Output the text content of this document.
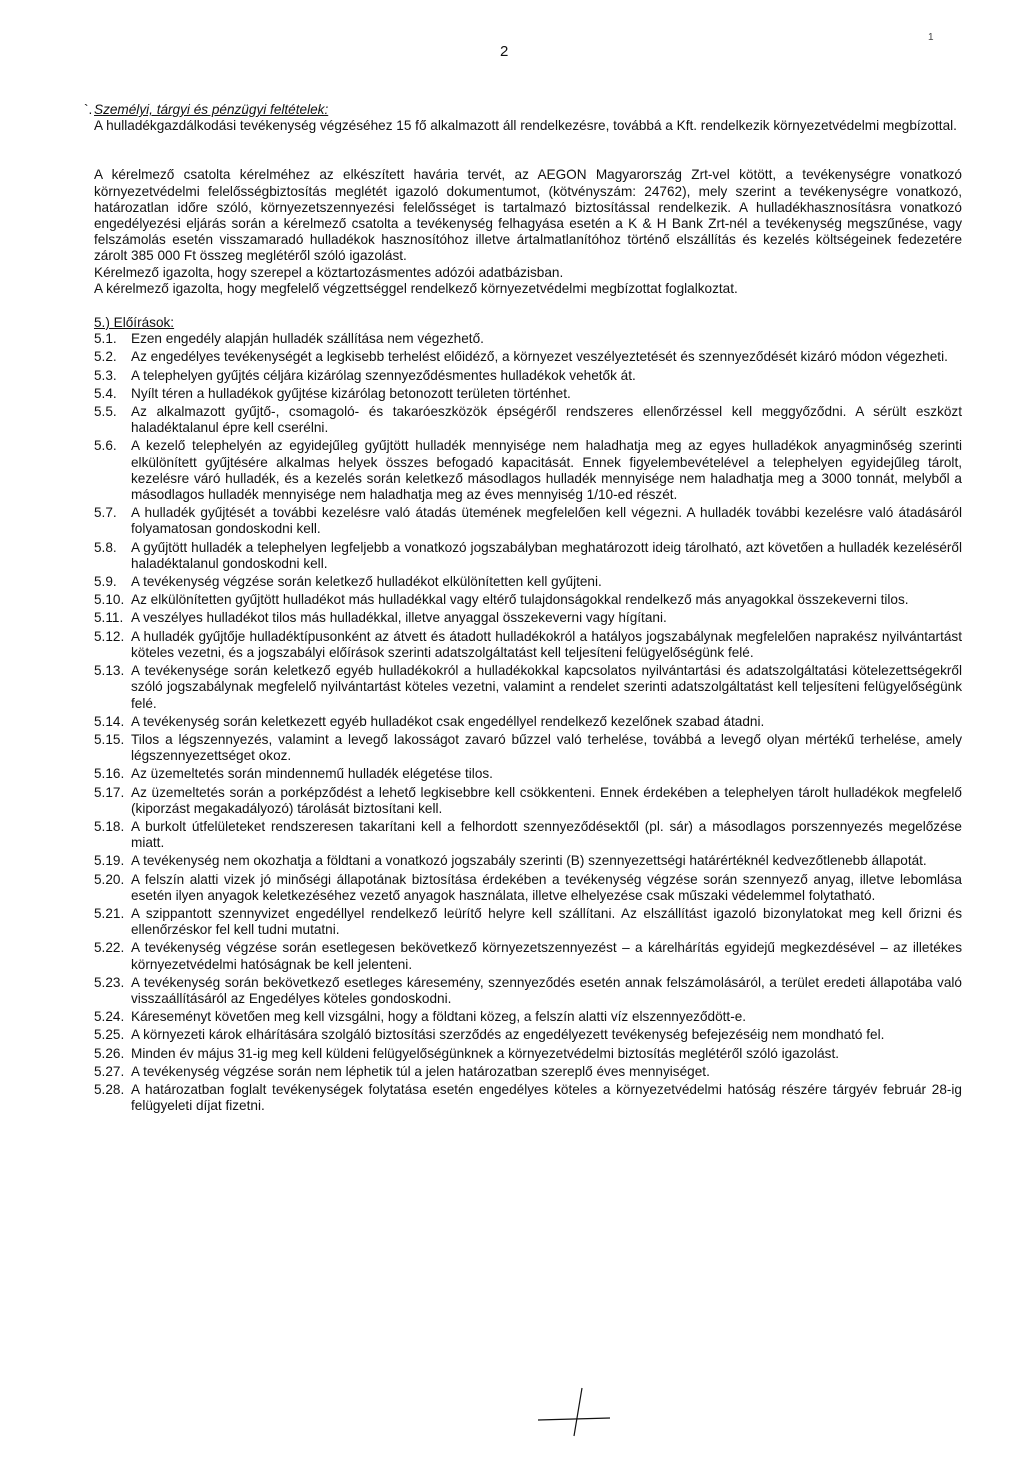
2
1
`. Személyi, tárgyi és pénzügyi feltételek:

A hulladékgazdálkodási tevékenység végzéséhez 15 fő alkalmazott áll rendelkezésre, továbbá a Kft. rendelkezik környezetvédelmi megbízottal.

A kérelmező csatolta kérelméhez az elkészített havária tervét, az AEGON Magyarország Zrt-vel kötött, a tevékenységre vonatkozó környezetvédelmi felelősségbiztosítás meglétét igazoló dokumentumot, (kötvényszám: 24762), mely szerint a tevékenységre vonatkozó, határozatlan időre szóló, környezetszennyezési felelősséget is tartalmazó biztosítással rendelkezik. A hulladékhasznosításra vonatkozó engedélyezési eljárás során a kérelmező csatolta a tevékenység felhagyása esetén a K & H Bank Zrt-nél a tevékenység megszűnése, vagy felszámolás esetén visszamaradó hulladékok hasznosítóhoz illetve ártalmatlanítóhoz történő elszállítás és kezelés költségeinek fedezetére zárolt 385 000 Ft összeg meglétéről szóló igazolást.

Kérelmező igazolta, hogy szerepel a köztartozásmentes adózói adatbázisban.

A kérelmező igazolta, hogy megfelelő végzettséggel rendelkező környezetvédelmi megbízottat foglalkoztat.

5.) Előírások:
5.1.	Ezen engedély alapján hulladék szállítása nem végezhető.
5.2.	Az engedélyes tevékenységét a legkisebb terhelést előidéző, a környezet veszélyeztetését és szennyeződését kizáró módon végezheti.
5.3.	A telephelyen gyűjtés céljára kizárólag szennyeződésmentes hulladékok vehetők át.
5.4.	Nyílt téren a hulladékok gyűjtése kizárólag betonozott területen történhet.
5.5.	Az alkalmazott gyűjtő-, csomagoló- és takaróeszközök épségéről rendszeres ellenőrzéssel kell meggyőződni. A sérült eszközt haladéktalanul épre kell cserélni.
5.6.	A kezelő telephelyén az egyidejűleg gyűjtött hulladék mennyisége nem haladhatja meg az egyes hulladékok anyagminőség szerinti elkülönített gyűjtésére alkalmas helyek összes befogadó kapacitását. Ennek figyelembevételével a telephelyen egyidejűleg tárolt, kezelésre váró hulladék, és a kezelés során keletkező másodlagos hulladék mennyisége nem haladhatja meg a 3000 tonnát, melyből a másodlagos hulladék mennyisége nem haladhatja meg az éves mennyiség 1/10-ed részét.
5.7.	A hulladék gyűjtését a további kezelésre való átadás ütemének megfelelően kell végezni. A hulladék további kezelésre való átadásáról folyamatosan gondoskodni kell.
5.8.	A gyűjtött hulladék a telephelyen legfeljebb a vonatkozó jogszabályban meghatározott ideig tárolható, azt követően a hulladék kezeléséről haladéktalanul gondoskodni kell.
5.9.	A tevékenység végzése során keletkező hulladékot elkülönítetten kell gyűjteni.
5.10. Az elkülönítetten gyűjtött hulladékot más hulladékkal vagy eltérő tulajdonságokkal rendelkező más anyagokkal összekeverni tilos.
5.11. A veszélyes hulladékot tilos más hulladékkal, illetve anyaggal összekeverni vagy hígítani.
5.12. A hulladék gyűjtője hulladéktípusonként az átvett és átadott hulladékokról a hatályos jogszabálynak megfelelően naprakész nyilvántartást köteles vezetni, és a jogszabályi előírások szerinti adatszolgáltatást kell teljesíteni felügyelőségünk felé.
5.13. A tevékenysége során keletkező egyéb hulladékokról a hulladékokkal kapcsolatos nyilvántartási és adatszolgáltatási kötelezettségekről szóló jogszabálynak megfelelő nyilvántartást köteles vezetni, valamint a rendelet szerinti adatszolgáltatást kell teljesíteni felügyelőségünk felé.
5.14. A tevékenység során keletkezett egyéb hulladékot csak engedéllyel rendelkező kezelőnek szabad átadni.
5.15. Tilos a légszennyezés, valamint a levegő lakosságot zavaró bűzzel való terhelése, továbbá a levegő olyan mértékű terhelése, amely légszennyezettséget okoz.
5.16. Az üzemeltetés során mindennemű hulladék elégetése tilos.
5.17. Az üzemeltetés során a porképződést a lehető legkisebbre kell csökkenteni. Ennek érdekében a telephelyen tárolt hulladékok megfelelő (kiporzást megakadályozó) tárolását biztosítani kell.
5.18. A burkolt útfelületeket rendszeresen takarítani kell a felhordott szennyeződésektől (pl. sár) a másodlagos porszennyezés megelőzése miatt.
5.19. A tevékenység nem okozhatja a földtani a vonatkozó jogszabály szerinti (B) szennyezettségi határértéknél kedvezőtlenebb állapotát.
5.20. A felszín alatti vizek jó minőségi állapotának biztosítása érdekében a tevékenység végzése során szennyező anyag, illetve lebomlása esetén ilyen anyagok keletkezéséhez vezető anyagok használata, illetve elhelyezése csak műszaki védelemmel folytatható.
5.21. A szippantott szennyvizet engedéllyel rendelkező leürítő helyre kell szállítani. Az elszállítást igazoló bizonylatokat meg kell őrizni és ellenőrzéskor fel kell tudni mutatni.
5.22. A tevékenység végzése során esetlegesen bekövetkező környezetszennyezést – a kárelhárítás egyidejű megkezdésével – az illetékes környezetvédelmi hatóságnak be kell jelenteni.
5.23. A tevékenység során bekövetkező esetleges káresemény, szennyeződés esetén annak felszámolásáról, a terület eredeti állapotába való visszaállításáról az Engedélyes köteles gondoskodni.
5.24. Káreseményt követően meg kell vizsgálni, hogy a földtani közeg, a felszín alatti víz elszennyeződött-e.
5.25. A környezeti károk elhárítására szolgáló biztosítási szerződés az engedélyezett tevékenység befejezéséig nem mondható fel.
5.26. Minden év május 31-ig meg kell küldeni felügyelőségünknek a környezetvédelmi biztosítás meglétéről szóló igazolást.
5.27. A tevékenység végzése során nem léphetik túl a jelen határozatban szereplő éves mennyiséget.
5.28. A határozatban foglalt tevékenységek folytatása esetén engedélyes köteles a környezetvédelmi hatóság részére tárgyév február 28-ig felügyeleti díjat fizetni.
